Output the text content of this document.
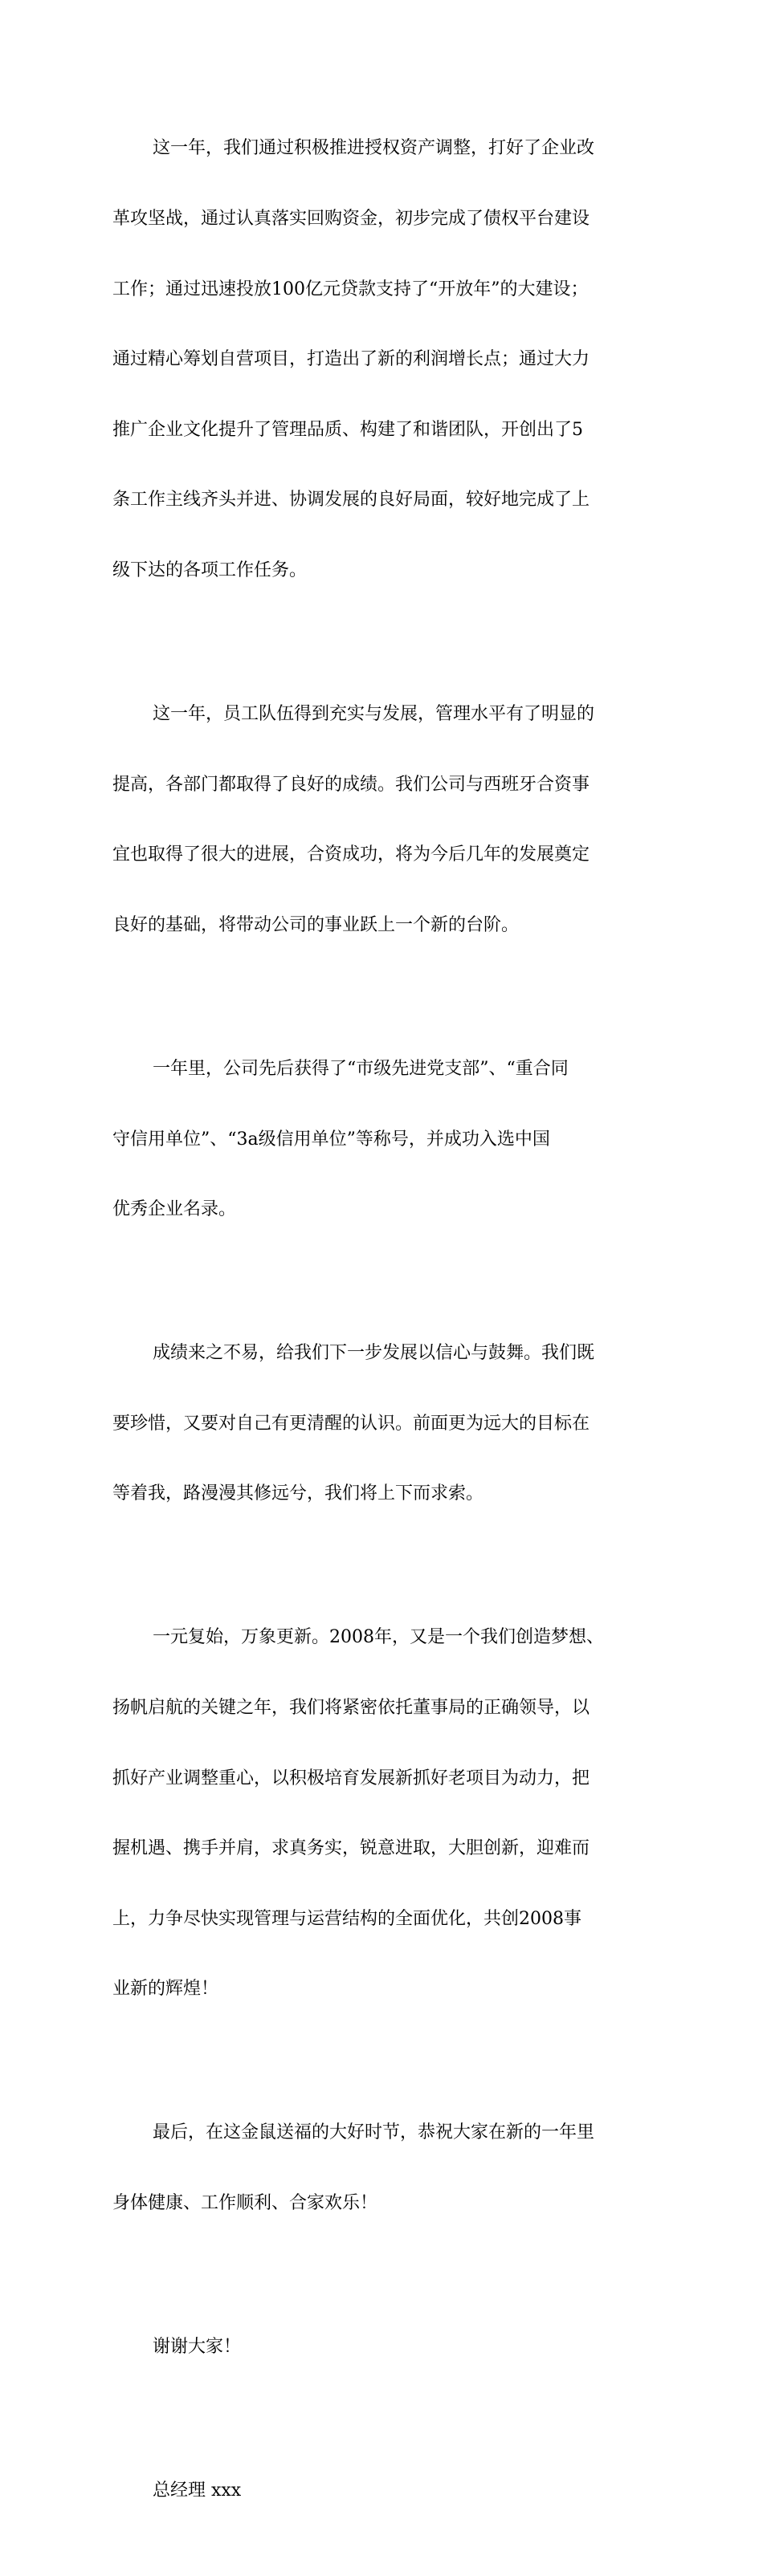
这一年，我们通过积极推进授权资产调整，打好了企业改

革攻坚战，通过认真落实回购资金，初步完成了债权平台建设

工作；通过迅速投放100亿元贷款支持了“开放年”的大建设；

通过精心筹划自营项目，打造出了新的利润增长点；通过大力

推广企业文化提升了管理品质、构建了和谐团队，开创出了5

条工作主线齐头并进、协调发展的良好局面，较好地完成了上

级下达的各项工作任务。

这一年，员工队伍得到充实与发展，管理水平有了明显的

提高，各部门都取得了良好的成绩。我们公司与西班牙合资事

宜也取得了很大的进展，合资成功，将为今后几年的发展奠定

良好的基础，将带动公司的事业跃上一个新的台阶。

一年里，公司先后获得了“市级先进党支部”、“重合同

守信用单位”、“3a级信用单位”等称号，并成功入选中国

优秀企业名录。

成绩来之不易，给我们下一步发展以信心与鼓舞。我们既

要珍惜，又要对自己有更清醒的认识。前面更为远大的目标在

等着我，路漫漫其修远兮，我们将上下而求索。

一元复始，万象更新。2008年，又是一个我们创造梦想、

扬帆启航的关键之年，我们将紧密依托董事局的正确领导，以

抓好产业调整重心，以积极培育发展新抓好老项目为动力，把

握机遇、携手并肩，求真务实，锐意进取，大胆创新，迎难而

上，力争尽快实现管理与运营结构的全面优化，共创2008事

业新的辉煌！

最后，在这金鼠送福的大好时节，恭祝大家在新的一年里

身体健康、工作顺利、合家欢乐！

谢谢大家！

总经理 xxx
